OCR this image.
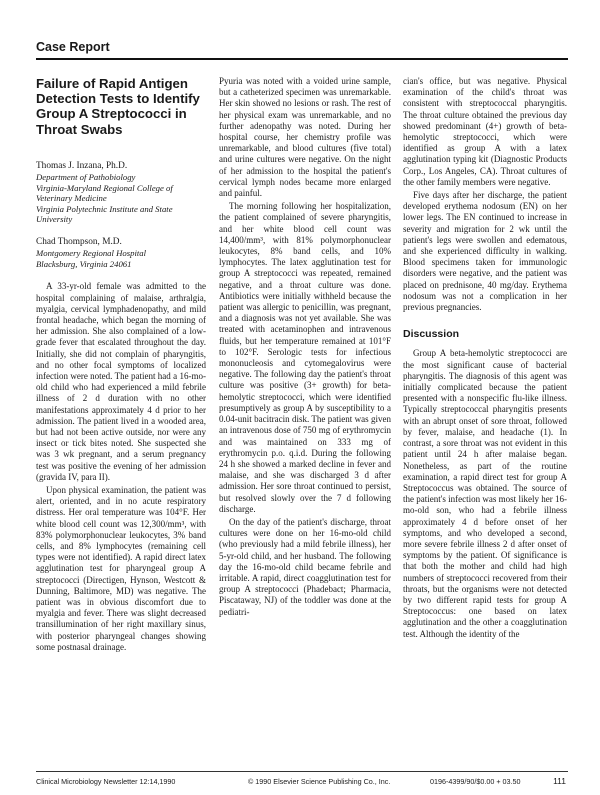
Case Report
Failure of Rapid Antigen Detection Tests to Identify Group A Streptococci in Throat Swabs
Thomas J. Inzana, Ph.D.
Department of Pathobiology
Virginia-Maryland Regional College of Veterinary Medicine
Virginia Polytechnic Institute and State University
Chad Thompson, M.D.
Montgomery Regional Hospital
Blacksburg, Virginia 24061

A 33-yr-old female was admitted to the hospital complaining of malaise, arthralgia, myalgia, cervical lymphadenopathy, and mild frontal headache, which began the morning of her admission. She also complained of a low-grade fever that escalated throughout the day. Initially, she did not complain of pharyngitis, and no other focal symptoms of localized infection were noted. The patient had a 16-mo-old child who had experienced a mild febrile illness of 2 d duration with no other manifestations approximately 4 d prior to her admission. The patient lived in a wooded area, but had not been active outside, nor were any insect or tick bites noted. She suspected she was 3 wk pregnant, and a serum pregnancy test was positive the evening of her admission (gravida IV, para II).

Upon physical examination, the patient was alert, oriented, and in no acute respiratory distress. Her oral temperature was 104°F. Her white blood cell count was 12,300/mm³, with 83% polymorphonuclear leukocytes, 3% band cells, and 8% lymphocytes (remaining cell types were not identified). A rapid direct latex agglutination test for pharyngeal group A streptococci (Directigen, Hynson, Westcott & Dunning, Baltimore, MD) was negative. The patient was in obvious discomfort due to myalgia and fever. There was slight decreased transillumination of her right maxillary sinus, with posterior pharyngeal changes showing some postnasal drainage.

Pyuria was noted with a voided urine sample, but a catheterized specimen was unremarkable. Her skin showed no lesions or rash. The rest of her physical exam was unremarkable, and no further adenopathy was noted. During her hospital course, her chemistry profile was unremarkable, and blood cultures (five total) and urine cultures were negative. On the night of her admission to the hospital the patient's cervical lymph nodes became more enlarged and painful.

The morning following her hospitalization, the patient complained of severe pharyngitis, and her white blood cell count was 14,400/mm³, with 81% polymorphonuclear leukocytes, 8% band cells, and 10% lymphocytes. The latex agglutination test for group A streptococci was repeated, remained negative, and a throat culture was done. Antibiotics were initially withheld because the patient was allergic to penicillin, was pregnant, and a diagnosis was not yet available. She was treated with acetaminophen and intravenous fluids, but her temperature remained at 101°F to 102°F. Serologic tests for infectious mononucleosis and cytomegalovirus were negative. The following day the patient's throat culture was positive (3+ growth) for beta-hemolytic streptococci, which were identified presumptively as group A by susceptibility to a 0.04-unit bacitracin disk. The patient was given an intravenous dose of 750 mg of erythromycin and was maintained on 333 mg of erythromycin p.o. q.i.d. During the following 24 h she showed a marked decline in fever and malaise, and she was discharged 3 d after admission. Her sore throat continued to persist, but resolved slowly over the 7 d following discharge.

On the day of the patient's discharge, throat cultures were done on her 16-mo-old child (who previously had a mild febrile illness), her 5-yr-old child, and her husband. The following day the 16-mo-old child became febrile and irritable. A rapid, direct coagglutination test for group A streptococci (Phadebact; Pharmacia, Piscataway, NJ) of the toddler was done at the pediatri-

cian's office, but was negative. Physical examination of the child's throat was consistent with streptococcal pharyngitis. The throat culture obtained the previous day showed predominant (4+) growth of beta-hemolytic streptococci, which were identified as group A with a latex agglutination typing kit (Diagnostic Products Corp., Los Angeles, CA). Throat cultures of the other family members were negative.

Five days after her discharge, the patient developed erythema nodosum (EN) on her lower legs. The EN continued to increase in severity and migration for 2 wk until the patient's legs were swollen and edematous, and she experienced difficulty in walking. Blood specimens taken for immunologic disorders were negative, and the patient was placed on prednisone, 40 mg/day. Erythema nodosum was not a complication in her previous pregnancies.

Discussion

Group A beta-hemolytic streptococci are the most significant cause of bacterial pharyngitis. The diagnosis of this agent was initially complicated because the patient presented with a nonspecific flu-like illness. Typically streptococcal pharyngitis presents with an abrupt onset of sore throat, followed by fever, malaise, and headache (1). In contrast, a sore throat was not evident in this patient until 24 h after malaise began. Nonetheless, as part of the routine examination, a rapid direct test for group A Streptococcus was obtained. The source of the patient's infection was most likely her 16-mo-old son, who had a febrile illness approximately 4 d before onset of her symptoms, and who developed a second, more severe febrile illness 2 d after onset of symptoms by the patient. Of significance is that both the mother and child had high numbers of streptococci recovered from their throats, but the organisms were not detected by two different rapid tests for group A Streptococcus: one based on latex agglutination and the other a coagglutination test. Although the identity of the

Clinical Microbiology Newsletter 12:14,1990	© 1990 Elsevier Science Publishing Co., Inc.	0196-4399/90/$0.00 + 03.50	111
